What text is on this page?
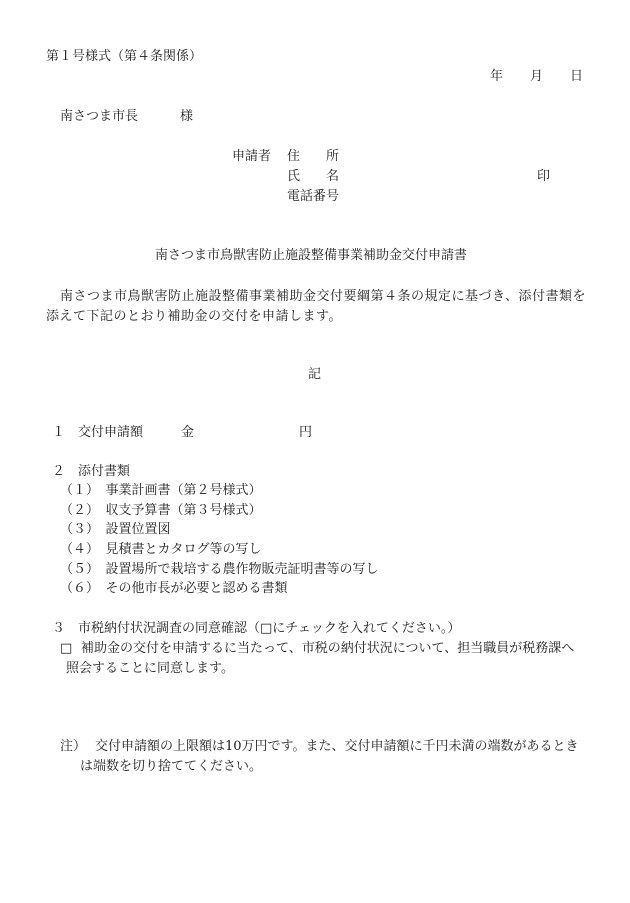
第１号様式（第４条関係）
年 月 日
南さつま市長	様
申請者 住　　所
氏　　名	印
電話番号
南さつま市鳥獣害防止施設整備事業補助金交付申請書
南さつま市鳥獣害防止施設整備事業補助金交付要綱第４条の規定に基づき、添付書類を
添えて下記のとおり補助金の交付を申請します。
記
１　交付申請額	金	円
２　添付書類
（１）　事業計画書（第２号様式）
（２）　収支予算書（第３号様式）
（３）　設置位置図
（４）　見積書とカタログ等の写し
（５）　設置場所で栽培する農作物販売証明書等の写し
（６）　その他市長が必要と認める書類
３　市税納付状況調査の同意確認（□にチェックを入れてください。）
□ 補助金の交付を申請するに当たって、市税の納付状況について、担当職員が税務課へ
照会することに同意します。
注） 交付申請額の上限額は10万円です。また、交付申請額に千円未満の端数があるとき
は端数を切り捨ててください。
